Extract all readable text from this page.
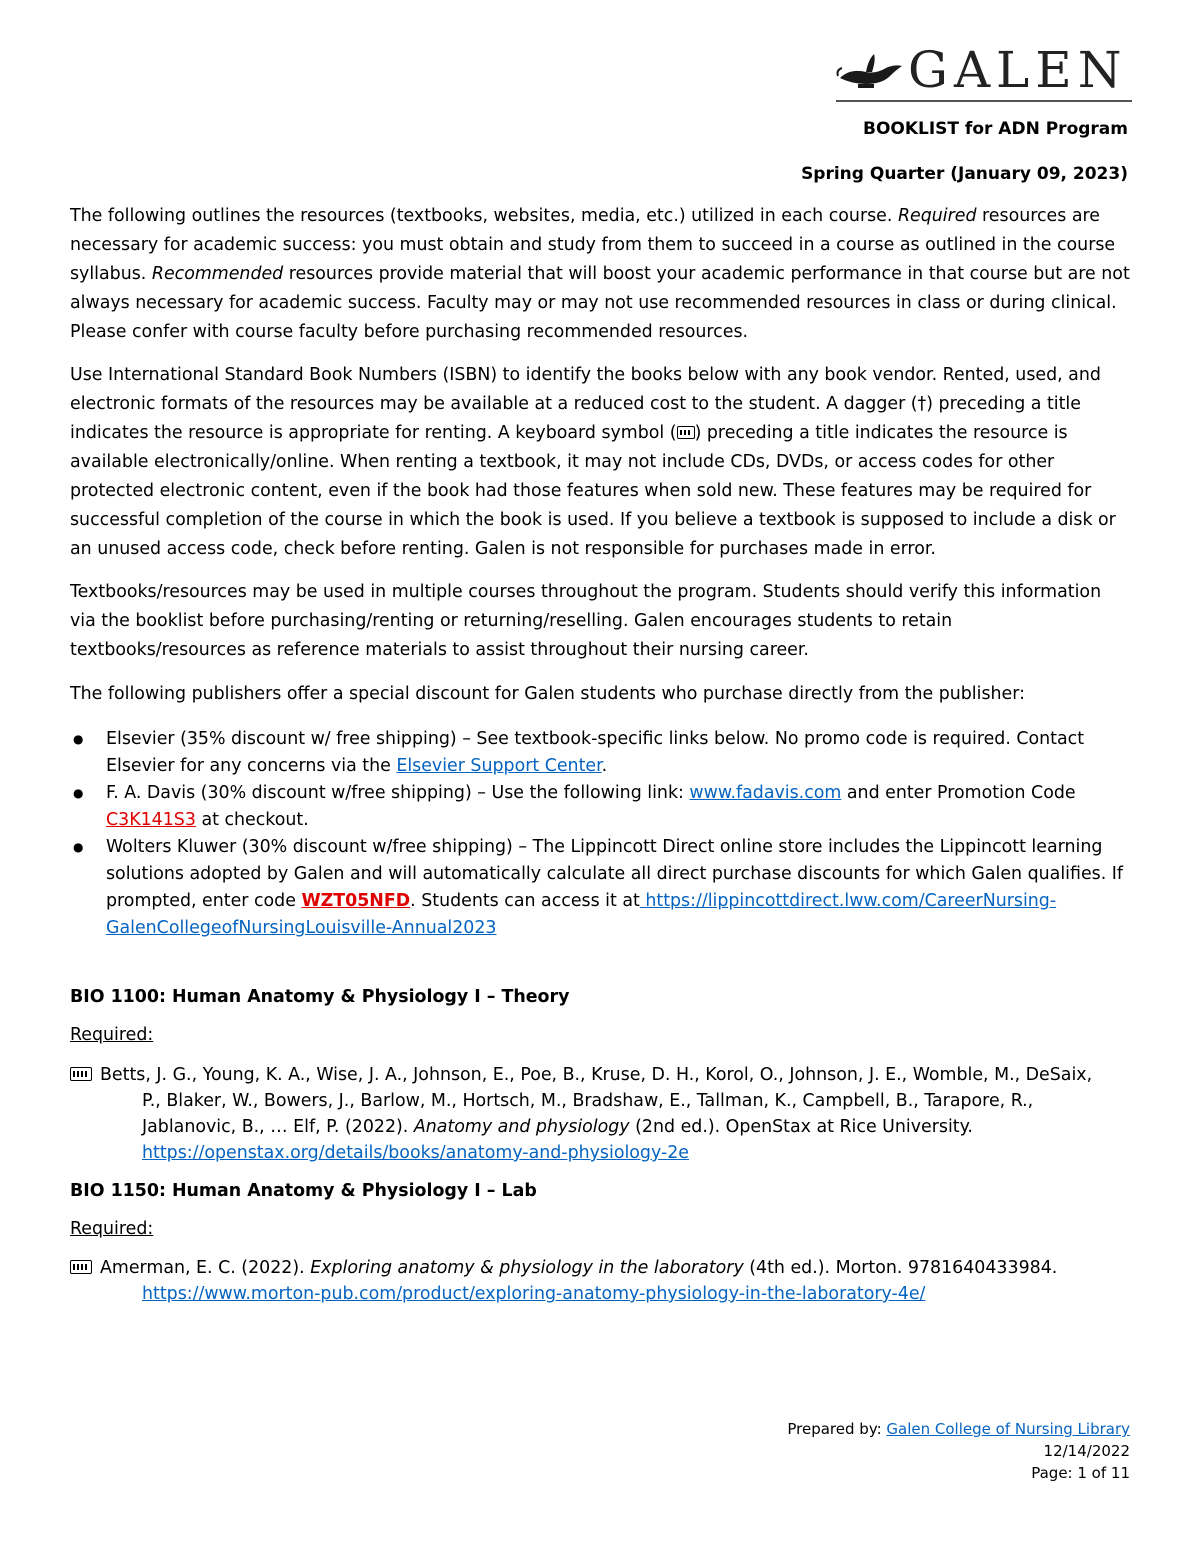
GALEN
BOOKLIST for ADN Program
Spring Quarter (January 09, 2023)

The following outlines the resources (textbooks, websites, media, etc.) utilized in each course. Required resources are necessary for academic success: you must obtain and study from them to succeed in a course as outlined in the course syllabus. Recommended resources provide material that will boost your academic performance in that course but are not always necessary for academic success. Faculty may or may not use recommended resources in class or during clinical. Please confer with course faculty before purchasing recommended resources.

Use International Standard Book Numbers (ISBN) to identify the books below with any book vendor. Rented, used, and electronic formats of the resources may be available at a reduced cost to the student. A dagger (†) preceding a title indicates the resource is appropriate for renting. A keyboard symbol ( ) preceding a title indicates the resource is available electronically/online. When renting a textbook, it may not include CDs, DVDs, or access codes for other protected electronic content, even if the book had those features when sold new. These features may be required for successful completion of the course in which the book is used. If you believe a textbook is supposed to include a disk or an unused access code, check before renting. Galen is not responsible for purchases made in error.

Textbooks/resources may be used in multiple courses throughout the program. Students should verify this information via the booklist before purchasing/renting or returning/reselling. Galen encourages students to retain textbooks/resources as reference materials to assist throughout their nursing career.
The following publishers offer a special discount for Galen students who purchase directly from the publisher:
● Elsevier (35% discount w/ free shipping) – See textbook-specific links below. No promo code is required. Contact Elsevier for any concerns via the Elsevier Support Center.
● F. A. Davis (30% discount w/free shipping) – Use the following link: www.fadavis.com and enter Promotion Code C3K141S3 at checkout.
● Wolters Kluwer (30% discount w/free shipping) – The Lippincott Direct online store includes the Lippincott learning solutions adopted by Galen and will automatically calculate all direct purchase discounts for which Galen qualifies. If prompted, enter code WZT05NFD. Students can access it at https://lippincottdirect.lww.com/CareerNursing-GalenCollegeofNursingLouisville-Annual2023
BIO 1100: Human Anatomy & Physiology I – Theory
Required:
Betts, J. G., Young, K. A., Wise, J. A., Johnson, E., Poe, B., Kruse, D. H., Korol, O., Johnson, J. E., Womble, M., DeSaix,
P., Blaker, W., Bowers, J., Barlow, M., Hortsch, M., Bradshaw, E., Tallman, K., Campbell, B., Tarapore, R.,
Jablanovic, B., … Elf, P. (2022). Anatomy and physiology (2nd ed.). OpenStax at Rice University.
https://openstax.org/details/books/anatomy-and-physiology-2e
BIO 1150: Human Anatomy & Physiology I – Lab
Required:
Amerman, E. C. (2022). Exploring anatomy & physiology in the laboratory (4th ed.). Morton. 9781640433984.
https://www.morton-pub.com/product/exploring-anatomy-physiology-in-the-laboratory-4e/
Prepared by: Galen College of Nursing Library
12/14/2022
Page: 1 of 11
